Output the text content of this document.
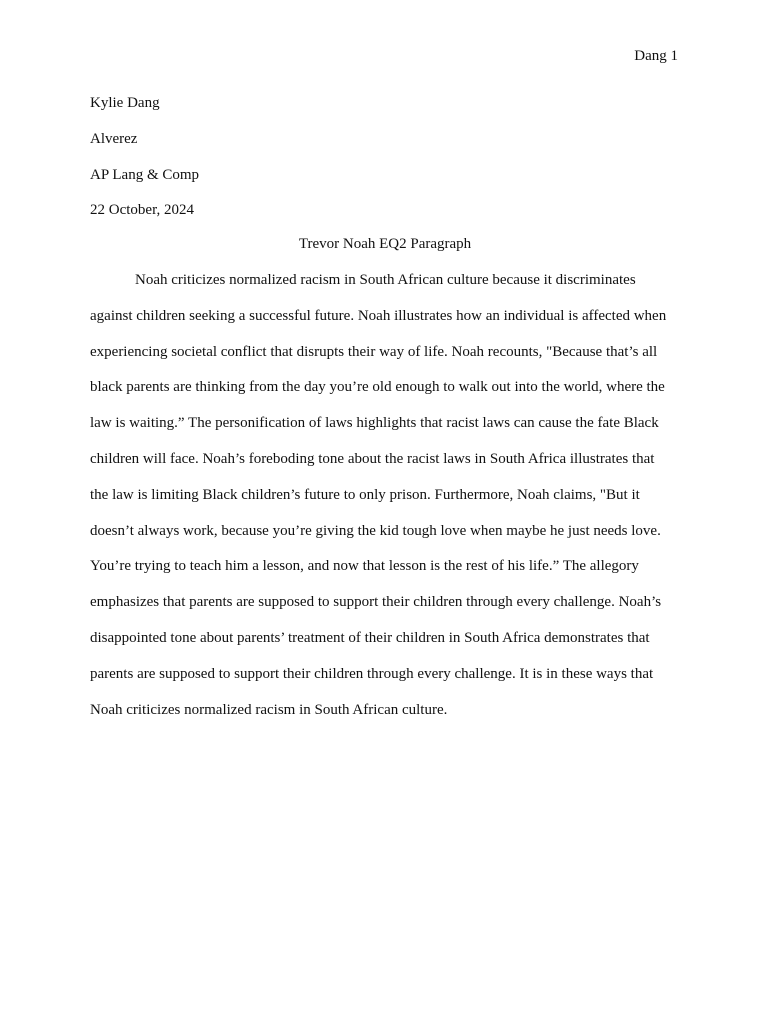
Dang 1
Kylie Dang
Alverez
AP Lang & Comp
22 October, 2024
Trevor Noah EQ2 Paragraph
Noah criticizes normalized racism in South African culture because it discriminates
against children seeking a successful future. Noah illustrates how an individual is affected when
experiencing societal conflict that disrupts their way of life. Noah recounts, "Because that’s all
black parents are thinking from the day you’re old enough to walk out into the world, where the
law is waiting.” The personification of laws highlights that racist laws can cause the fate Black
children will face. Noah’s foreboding tone about the racist laws in South Africa illustrates that
the law is limiting Black children’s future to only prison. Furthermore, Noah claims, "But it
doesn’t always work, because you’re giving the kid tough love when maybe he just needs love.
You’re trying to teach him a lesson, and now that lesson is the rest of his life.” The allegory
emphasizes that parents are supposed to support their children through every challenge. Noah’s
disappointed tone about parents’ treatment of their children in South Africa demonstrates that
parents are supposed to support their children through every challenge. It is in these ways that
Noah criticizes normalized racism in South African culture.
